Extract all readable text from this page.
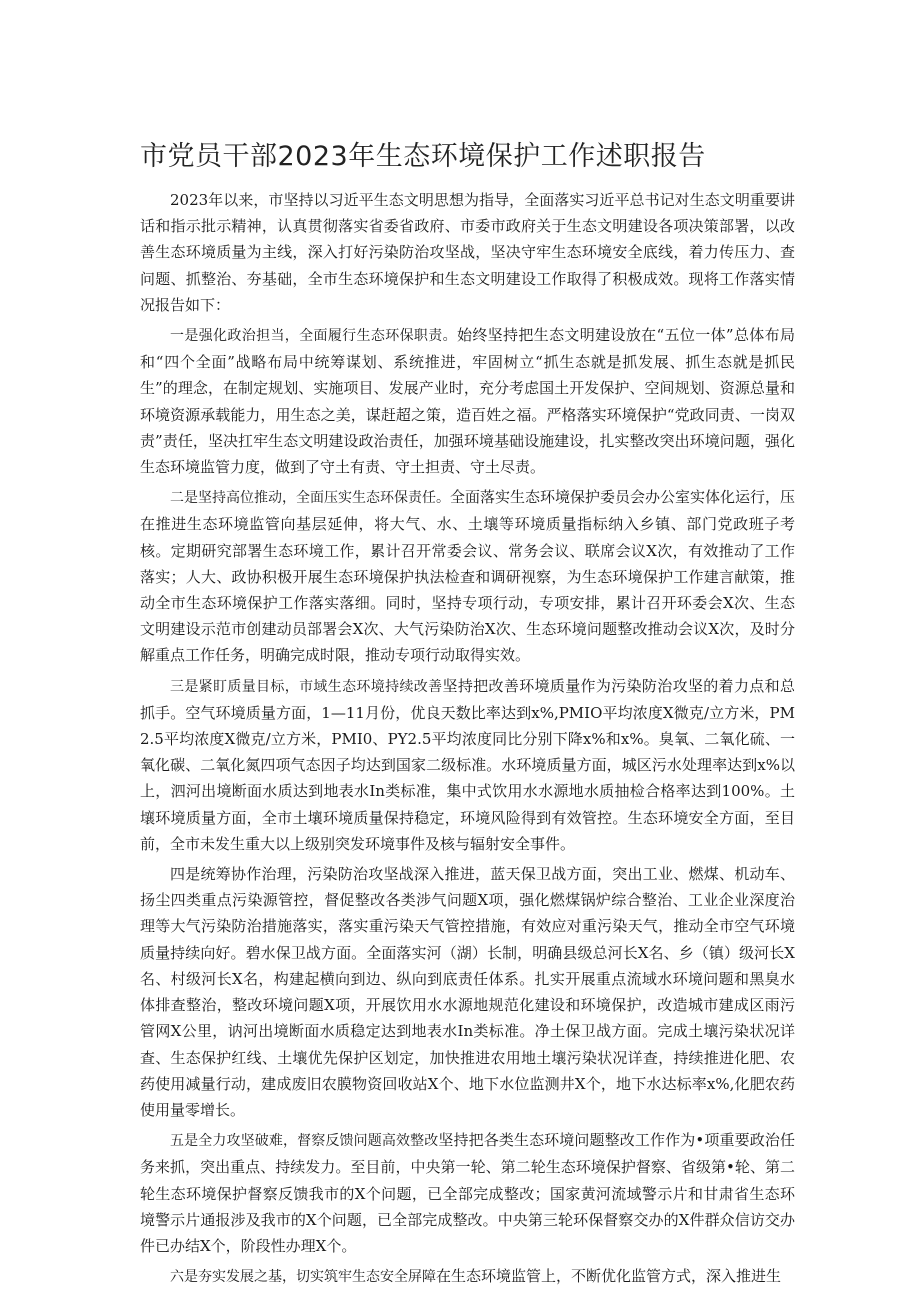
市党员干部2023年生态环境保护工作述职报告

2023年以来，市坚持以习近平生态文明思想为指导，全面落实习近平总书记对生态文明重要讲话和指示批示精神，认真贯彻落实省委省政府、市委市政府关于生态文明建设各项决策部署，以改善生态环境质量为主线，深入打好污染防治攻坚战，坚决守牢生态环境安全底线，着力传压力、查问题、抓整治、夯基础，全市生态环境保护和生态文明建设工作取得了积极成效。现将工作落实情况报告如下：

一是强化政治担当，全面履行生态环保职责。始终坚持把生态文明建设放在“五位一体”总体布局和“四个全面”战略布局中统筹谋划、系统推进，牢固树立“抓生态就是抓发展、抓生态就是抓民生”的理念，在制定规划、实施项目、发展产业时，充分考虑国土开发保护、空间规划、资源总量和环境资源承载能力，用生态之美，谋赶超之策，造百姓之福。严格落实环境保护“党政同责、一岗双责”责任，坚决扛牢生态文明建设政治责任，加强环境基础设施建设，扎实整改突出环境问题，强化生态环境监管力度，做到了守土有责、守土担责、守土尽责。

二是坚持高位推动，全面压实生态环保责任。全面落实生态环境保护委员会办公室实体化运行，压在推进生态环境监管向基层延伸，将大气、水、土壤等环境质量指标纳入乡镇、部门党政班子考核。定期研究部署生态环境工作，累计召开常委会议、常务会议、联席会议X次，有效推动了工作落实；人大、政协积极开展生态环境保护执法检查和调研视察，为生态环境保护工作建言献策，推动全市生态环境保护工作落实落细。同时，坚持专项行动，专项安排，累计召开环委会X次、生态文明建设示范市创建动员部署会X次、大气污染防治X次、生态环境问题整改推动会议X次，及时分解重点工作任务，明确完成时限，推动专项行动取得实效。

三是紧盯质量目标，市域生态环境持续改善坚持把改善环境质量作为污染防治攻坚的着力点和总抓手。空气环境质量方面，1—11月份，优良天数比率达到x%,PMIO平均浓度X微克/立方米，PM2.5平均浓度X微克/立方米，PMI0、PY2.5平均浓度同比分别下降x%和x%。臭氧、二氧化硫、一氧化碳、二氧化氮四项气态因子均达到国家二级标准。水环境质量方面，城区污水处理率达到x%以上，泗河出境断面水质达到地表水In类标准，集中式饮用水水源地水质抽检合格率达到100%。土壤环境质量方面，全市土壤环境质量保持稳定，环境风险得到有效管控。生态环境安全方面，至目前，全市未发生重大以上级别突发环境事件及核与辐射安全事件。

四是统筹协作治理，污染防治攻坚战深入推进，蓝天保卫战方面，突出工业、燃煤、机动车、扬尘四类重点污染源管控，督促整改各类涉气问题X项，强化燃煤锅炉综合整治、工业企业深度治理等大气污染防治措施落实，落实重污染天气管控措施，有效应对重污染天气，推动全市空气环境质量持续向好。碧水保卫战方面。全面落实河（湖）长制，明确县级总河长X名、乡（镇）级河长X名、村级河长X名，构建起横向到边、纵向到底责任体系。扎实开展重点流域水环境问题和黑臭水体排查整治，整改环境问题X项，开展饮用水水源地规范化建设和环境保护，改造城市建成区雨污管网X公里，讷河出境断面水质稳定达到地表水In类标准。净土保卫战方面。完成土壤污染状况详查、生态保护红线、土壤优先保护区划定，加快推进农用地土壤污染状况详查，持续推进化肥、农药使用减量行动，建成废旧农膜物资回收站X个、地下水位监测井X个，地下水达标率x%,化肥农药使用量零增长。

五是全力攻坚破难，督察反馈问题高效整改坚持把各类生态环境问题整改工作作为•项重要政治任务来抓，突出重点、持续发力。至目前，中央第一轮、第二轮生态环境保护督察、省级第•轮、第二轮生态环境保护督察反馈我市的X个问题，已全部完成整改；国家黄河流域警示片和甘肃省生态环境警示片通报涉及我市的X个问题，已全部完成整改。中央第三轮环保督察交办的X件群众信访交办件已办结X个，阶段性办理X个。

六是夯实发展之基，切实筑牢生态安全屏障在生态环境监管上，不断优化监管方式，深入推进生
